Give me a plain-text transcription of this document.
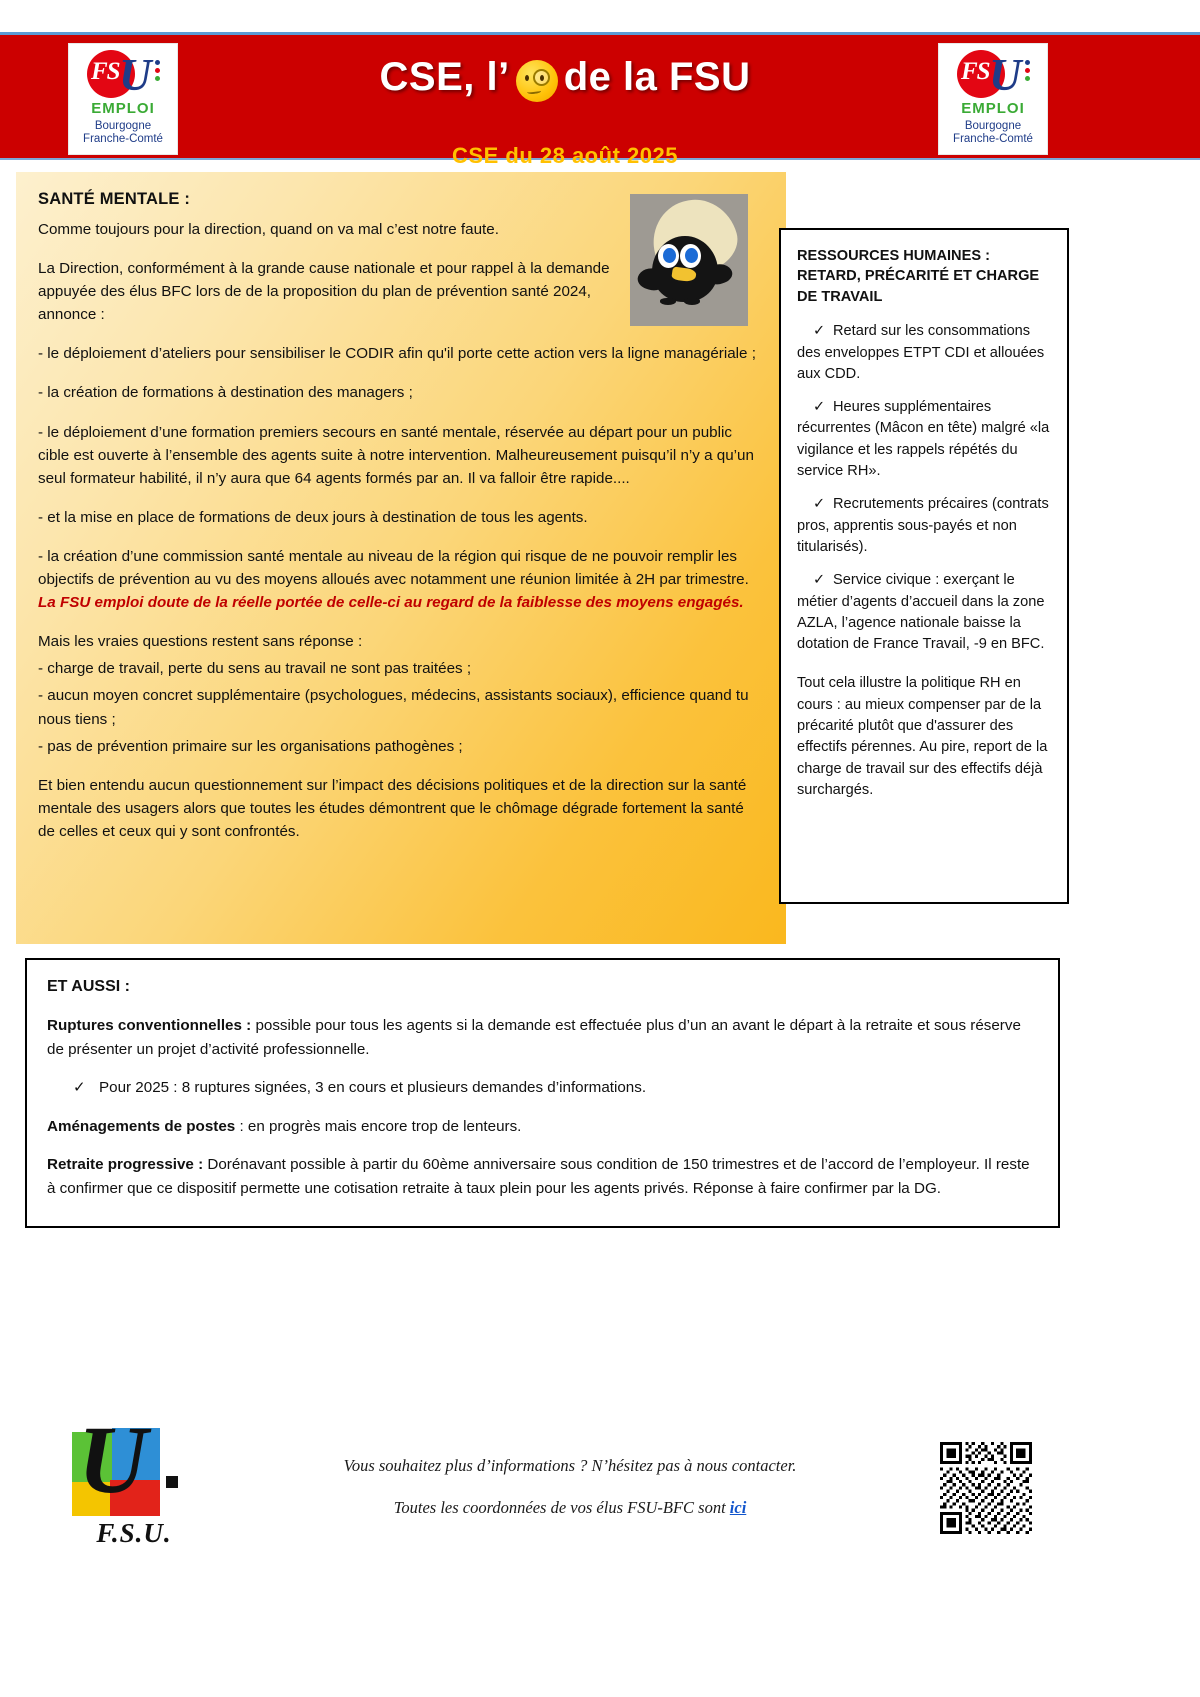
FS U
EMPLOI
Bourgogne
Franche-Comté
CSE, l’ de la FSU
CSE du 28 août 2025
FS U
EMPLOI
Bourgogne
Franche-Comté
SANTÉ MENTALE :
Comme toujours pour la direction, quand on va mal c’est notre faute.
La Direction, conformément à la grande cause nationale et pour rappel à la demande appuyée des élus BFC lors de de la proposition du plan de prévention santé 2024, annonce :
- le déploiement d’ateliers pour sensibiliser le CODIR afin qu'il porte cette action vers la ligne managériale ;
- la création de formations à destination des managers ;
- le déploiement d’une formation premiers secours en santé mentale, réservée au départ pour un public cible est ouverte à l’ensemble des agents suite à notre intervention. Malheureusement puisqu’il n’y a qu’un seul formateur habilité, il n’y aura que 64 agents formés par an. Il va falloir être rapide....
- et la mise en place de formations de deux jours à destination de tous les agents.
- la création d’une commission santé mentale au niveau de la région qui risque de ne pouvoir remplir les objectifs de prévention au vu des moyens alloués avec notamment une réunion limitée à 2H par trimestre. La FSU emploi doute de la réelle portée de celle-ci au regard de la faiblesse des moyens engagés.
Mais les vraies questions restent sans réponse :
- charge de travail, perte du sens au travail ne sont pas traitées ;
- aucun moyen concret supplémentaire (psychologues, médecins, assistants sociaux), efficience quand tu nous tiens ;
- pas de prévention primaire sur les organisations pathogènes ;
Et bien entendu aucun questionnement sur l’impact des décisions politiques et de la direction sur la santé mentale des usagers alors que toutes les études démontrent que le chômage dégrade fortement la santé de celles et ceux qui y sont confrontés.
RESSOURCES HUMAINES : RETARD, PRÉCARITÉ ET CHARGE DE TRAVAIL
✓ Retard sur les consommations des enveloppes ETPT CDI et allouées aux CDD.
✓ Heures supplémentaires récurrentes (Mâcon en tête) malgré «la vigilance et les rappels répétés du service RH».
✓ Recrutements précaires (contrats pros, apprentis sous-payés et non titularisés).
✓ Service civique : exerçant le métier d’agents d’accueil dans la zone AZLA, l’agence nationale baisse la dotation de France Travail, -9 en BFC.
Tout cela illustre la politique RH en cours : au mieux compenser par de la précarité plutôt que d'assurer des effectifs pérennes. Au pire, report de la charge de travail sur des effectifs déjà surchargés.
ET AUSSI :
Ruptures conventionnelles : possible pour tous les agents si la demande est effectuée plus d’un an avant le départ à la retraite et sous réserve de présenter un projet d’activité professionnelle.
✓ Pour 2025 : 8 ruptures signées, 3 en cours et plusieurs demandes d’informations.
Aménagements de postes : en progrès mais encore trop de lenteurs.
Retraite progressive : Dorénavant possible à partir du 60ème anniversaire sous condition de 150 trimestres et de l’accord de l’employeur. Il reste à confirmer que ce dispositif permette une cotisation retraite à taux plein pour les agents privés. Réponse à faire confirmer par la DG.
U
F.S.U.
Vous souhaitez plus d’informations ? N’hésitez pas à nous contacter.
Toutes les coordonnées de vos élus FSU-BFC sont ici
